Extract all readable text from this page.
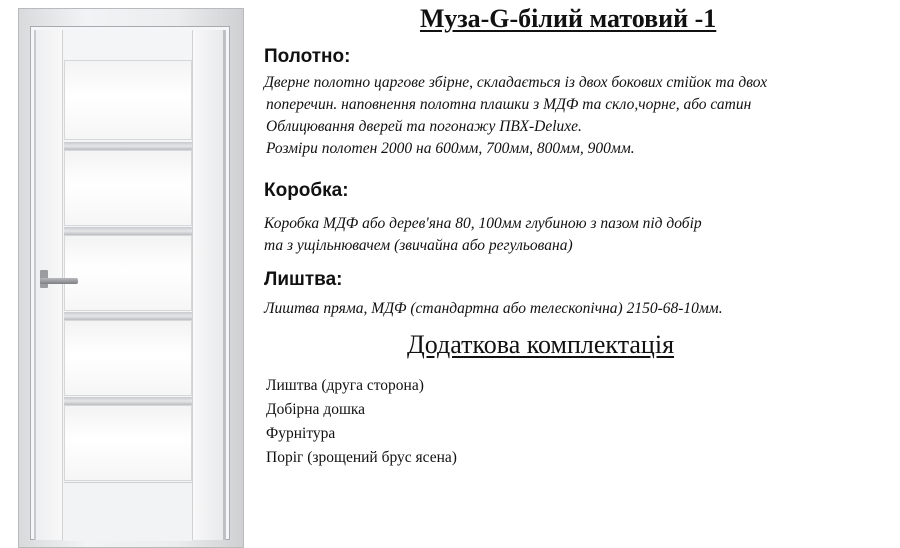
Муза-G-білий матовий -1
Полотно:
Дверне полотно царгове збірне, складається із двох бокових стійок та двох
поперечин. наповнення полотна плашки з МДФ та скло,чорне, або сатин
Облицювання дверей та погонажу ПВХ-Deluxe.
Розміри полотен 2000 на 600мм, 700мм, 800мм, 900мм.
Коробка:
Коробка МДФ або дерев'яна 80, 100мм глубиною з пазом під добір
та з ущільнювачем (звичайна або регульована)
Лиштва:
Лиштва пряма, МДФ (стандартна або телескопічна) 2150-68-10мм.
Додаткова комплектація
Лиштва (друга сторона)
Добірна дошка
Фурнітура
Поріг (зрощений брус ясена)
